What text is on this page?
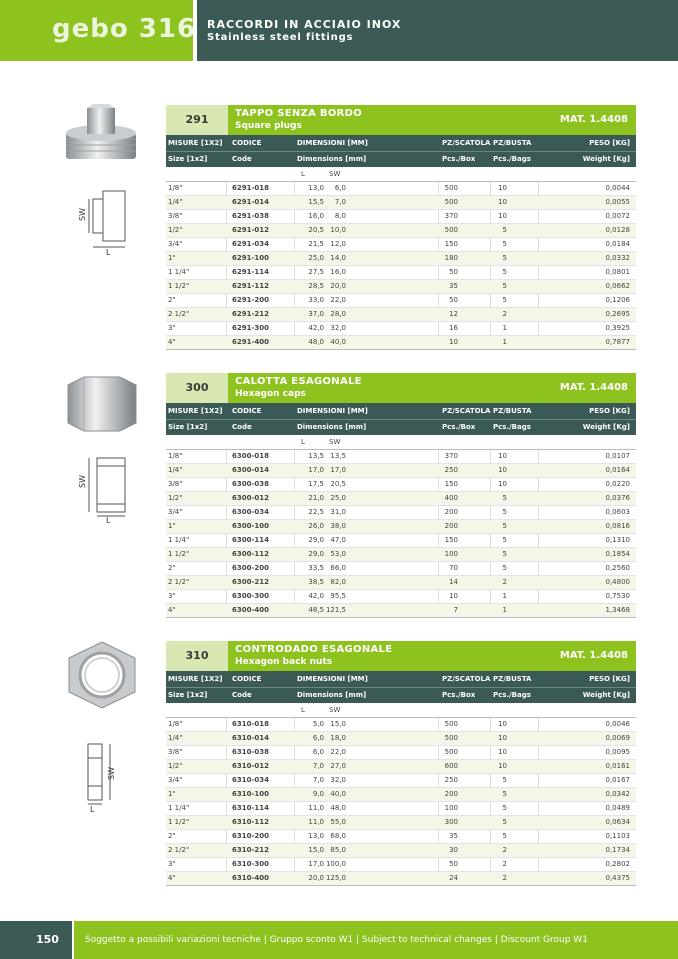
gebo 316 RACCORDI IN ACCIAIO INOX
Stainless steel fittings
SW
L
SW
L
SW
L
291	TAPPO SENZA BORDO
Square plugs
MAT. 1.4408
MISURE [1X2] CODICE	DIMENSIONI [MM]	PZ/SCATOLA PZ/BUSTA	PESO [KG]
Size [1x2]	Code	Dimensions [mm]	Pcs./Box	Pcs./Bags	Weight [Kg]
L	SW
1/8"	6291-018	13,0	6,0	500	10	0,0044
1/4"	6291-014	15,5	7,0	500	10	0,0055
3/8"	6291-038	16,0	8,0	370	10	0,0072
1/2"	6291-012	20,5 10,0	500	5	0,0128
3/4"	6291-034	21,5 12,0	150	5	0,0184
1"	6291-100	25,0 14,0	180	5	0,0332
1 1/4"	6291-114	27,5 16,0	50	5	0,0801
1 1/2"	6291-112	28,5 20,0	35	5	0,0662
2"	6291-200	33,0 22,0	50	5	0,1206
2 1/2"	6291-212	37,0 28,0	12	2	0,2695
3"	6291-300	42,0 32,0	16	1	0,3925
4"	6291-400	48,0 40,0	10	1	0,7877
300	CALOTTA ESAGONALE
Hexagon caps
MAT. 1.4408
MISURE [1X2] CODICE	DIMENSIONI [MM]	PZ/SCATOLA PZ/BUSTA	PESO [KG]
Size [1x2]	Code	Dimensions [mm]	Pcs./Box	Pcs./Bags	Weight [Kg]
L	SW
1/8"	6300-018	13,5 13,5	370	10	0,0107
1/4"	6300-014	17,0 17,0	250	10	0,0164
3/8"	6300-038	17,5 20,5	150	10	0,0220
1/2"	6300-012	21,0 25,0	400	5	0,0376
3/4"	6300-034	22,5 31,0	200	5	0,0603
1"	6300-100	26,0 38,0	200	5	0,0816
1 1/4"	6300-114	29,0 47,0	150	5	0,1310
1 1/2"	6300-112	29,0 53,0	100	5	0,1854
2"	6300-200	33,5 66,0	70	5	0,2560
2 1/2"	6300-212	38,5 82,0	14	2	0,4800
3"	6300-300	42,0 95,5	10	1	0,7530
4"	6300-400	48,5 121,5	7	1	1,3468
310	CONTRODADO ESAGONALE
Hexagon back nuts
MAT. 1.4408
MISURE [1X2] CODICE	DIMENSIONI [MM]	PZ/SCATOLA PZ/BUSTA	PESO [KG]
Size [1x2]	Code	Dimensions [mm]	Pcs./Box	Pcs./Bags	Weight [Kg]
L	SW
1/8"	6310-018	5,0 15,0	500	10	0,0046
1/4"	6310-014	6,0 18,0	500	10	0,0069
3/8"	6310-038	6,0 22,0	500	10	0,0095
1/2"	6310-012	7,0 27,0	600	10	0,0161
3/4"	6310-034	7,0 32,0	250	5	0,0167
1"	6310-100	9,0 40,0	200	5	0,0342
1 1/4"	6310-114	11,0 48,0	100	5	0,0489
1 1/2"	6310-112	11,0 55,0	300	5	0,0634
2"	6310-200	13,0 68,0	35	5	0,1103
2 1/2"	6310-212	15,0 85,0	30	2	0,1734
3"	6310-300	17,0 100,0	50	2	0,2802
4"	6310-400	20,0 125,0	24	2	0,4375
150	Soggetto a possibili variazioni tecniche | Gruppo sconto W1 | Subject to technical changes | Discount Group W1
